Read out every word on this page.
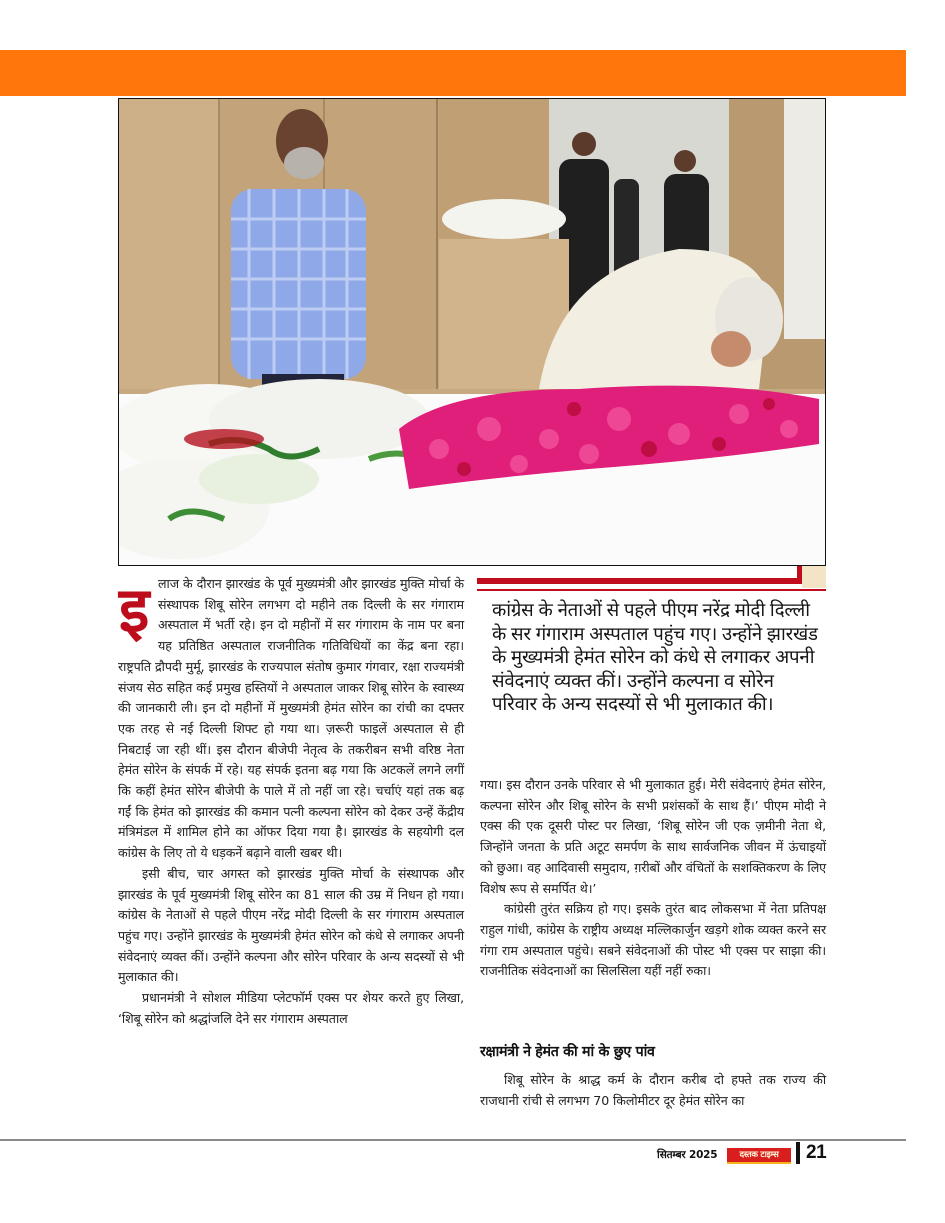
इ लाज के दौरान झारखंड के पूर्व मुख्यमंत्री और झारखंड मुक्ति मोर्चा के संस्थापक शिबू सोरेन लगभग दो महीने तक दिल्ली के सर गंगाराम अस्पताल में भर्ती रहे। इन दो महीनों में सर गंगाराम के नाम पर बना यह प्रतिष्ठित अस्पताल राजनीतिक गतिविधियों का केंद्र बना रहा। राष्ट्रपति द्रौपदी मुर्मू, झारखंड के राज्यपाल संतोष कुमार गंगवार, रक्षा राज्यमंत्री संजय सेठ सहित कई प्रमुख हस्तियों ने अस्पताल जाकर शिबू सोरेन के स्वास्थ्य की जानकारी ली। इन दो महीनों में मुख्यमंत्री हेमंत सोरेन का रांची का दफ्तर एक तरह से नई दिल्ली शिफ्ट हो गया था। ज़रूरी फाइलें अस्पताल से ही निबटाई जा रही थीं। इस दौरान बीजेपी नेतृत्व के तकरीबन सभी वरिष्ठ नेता हेमंत सोरेन के संपर्क में रहे। यह संपर्क इतना बढ़ गया कि अटकलें लगने लगीं कि कहीं हेमंत सोरेन बीजेपी के पाले में तो नहीं जा रहे। चर्चाएं यहां तक बढ़ गईं कि हेमंत को झारखंड की कमान पत्नी कल्पना सोरेन को देकर उन्हें केंद्रीय मंत्रिमंडल में शामिल होने का ऑफर दिया गया है। झारखंड के सहयोगी दल कांग्रेस के लिए तो ये धड़कनें बढ़ाने वाली खबर थी।

इसी बीच, चार अगस्त को झारखंड मुक्ति मोर्चा के संस्थापक और झारखंड के पूर्व मुख्यमंत्री शिबू सोरेन का 81 साल की उम्र में निधन हो गया। कांग्रेस के नेताओं से पहले पीएम नरेंद्र मोदी दिल्ली के सर गंगाराम अस्पताल पहुंच गए। उन्होंने झारखंड के मुख्यमंत्री हेमंत सोरेन को कंधे से लगाकर अपनी संवेदनाएं व्यक्त कीं। उन्होंने कल्पना और सोरेन परिवार के अन्य सदस्यों से भी मुलाकात की।

प्रधानमंत्री ने सोशल मीडिया प्लेटफॉर्म एक्स पर शेयर करते हुए लिखा, ‘शिबू सोरेन को श्रद्धांजलि देने सर गंगाराम अस्पताल

कांग्रेस के नेताओं से पहले पीएम नरेंद्र मोदी दिल्ली के सर गंगाराम अस्पताल पहुंच गए। उन्होंने झारखंड के मुख्यमंत्री हेमंत सोरेन को कंधे से लगाकर अपनी संवेदनाएं व्यक्त कीं। उन्होंने कल्पना व सोरेन परिवार के अन्य सदस्यों से भी मुलाकात की।

गया। इस दौरान उनके परिवार से भी मुलाकात हुई। मेरी संवेदनाएं हेमंत सोरेन, कल्पना सोरेन और शिबू सोरेन के सभी प्रशंसकों के साथ हैं।’ पीएम मोदी ने एक्स की एक दूसरी पोस्ट पर लिखा, ‘शिबू सोरेन जी एक ज़मीनी नेता थे, जिन्होंने जनता के प्रति अटूट समर्पण के साथ सार्वजनिक जीवन में ऊंचाइयों को छुआ। वह आदिवासी समुदाय, ग़रीबों और वंचितों के सशक्तिकरण के लिए विशेष रूप से समर्पित थे।’

कांग्रेसी तुरंत सक्रिय हो गए। इसके तुरंत बाद लोकसभा में नेता प्रतिपक्ष राहुल गांधी, कांग्रेस के राष्ट्रीय अध्यक्ष मल्लिकार्जुन खड़गे शोक व्यक्त करने सर गंगा राम अस्पताल पहुंचे। सबने संवेदनाओं की पोस्ट भी एक्स पर साझा की। राजनीतिक संवेदनाओं का सिलसिला यहीं नहीं रुका।

रक्षामंत्री ने हेमंत की मां के छुए पांव

शिबू सोरेन के श्राद्ध कर्म के दौरान करीब दो हफ्ते तक राज्य की राजधानी रांची से लगभग 70 किलोमीटर दूर हेमंत सोरेन का

सितम्बर 2025	दस्तक टाइम्स	21
